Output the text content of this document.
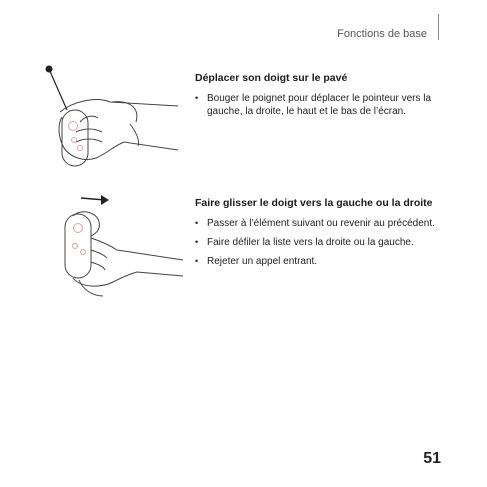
Fonctions de base
Déplacer son doigt sur le pavé
• Bouger le poignet pour déplacer le pointeur vers la gauche, la droite, le haut et le bas de l’écran.
Faire glisser le doigt vers la gauche ou la droite
• Passer à l’élément suivant ou revenir au précédent.
• Faire défiler la liste vers la droite ou la gauche.
• Rejeter un appel entrant.
51
